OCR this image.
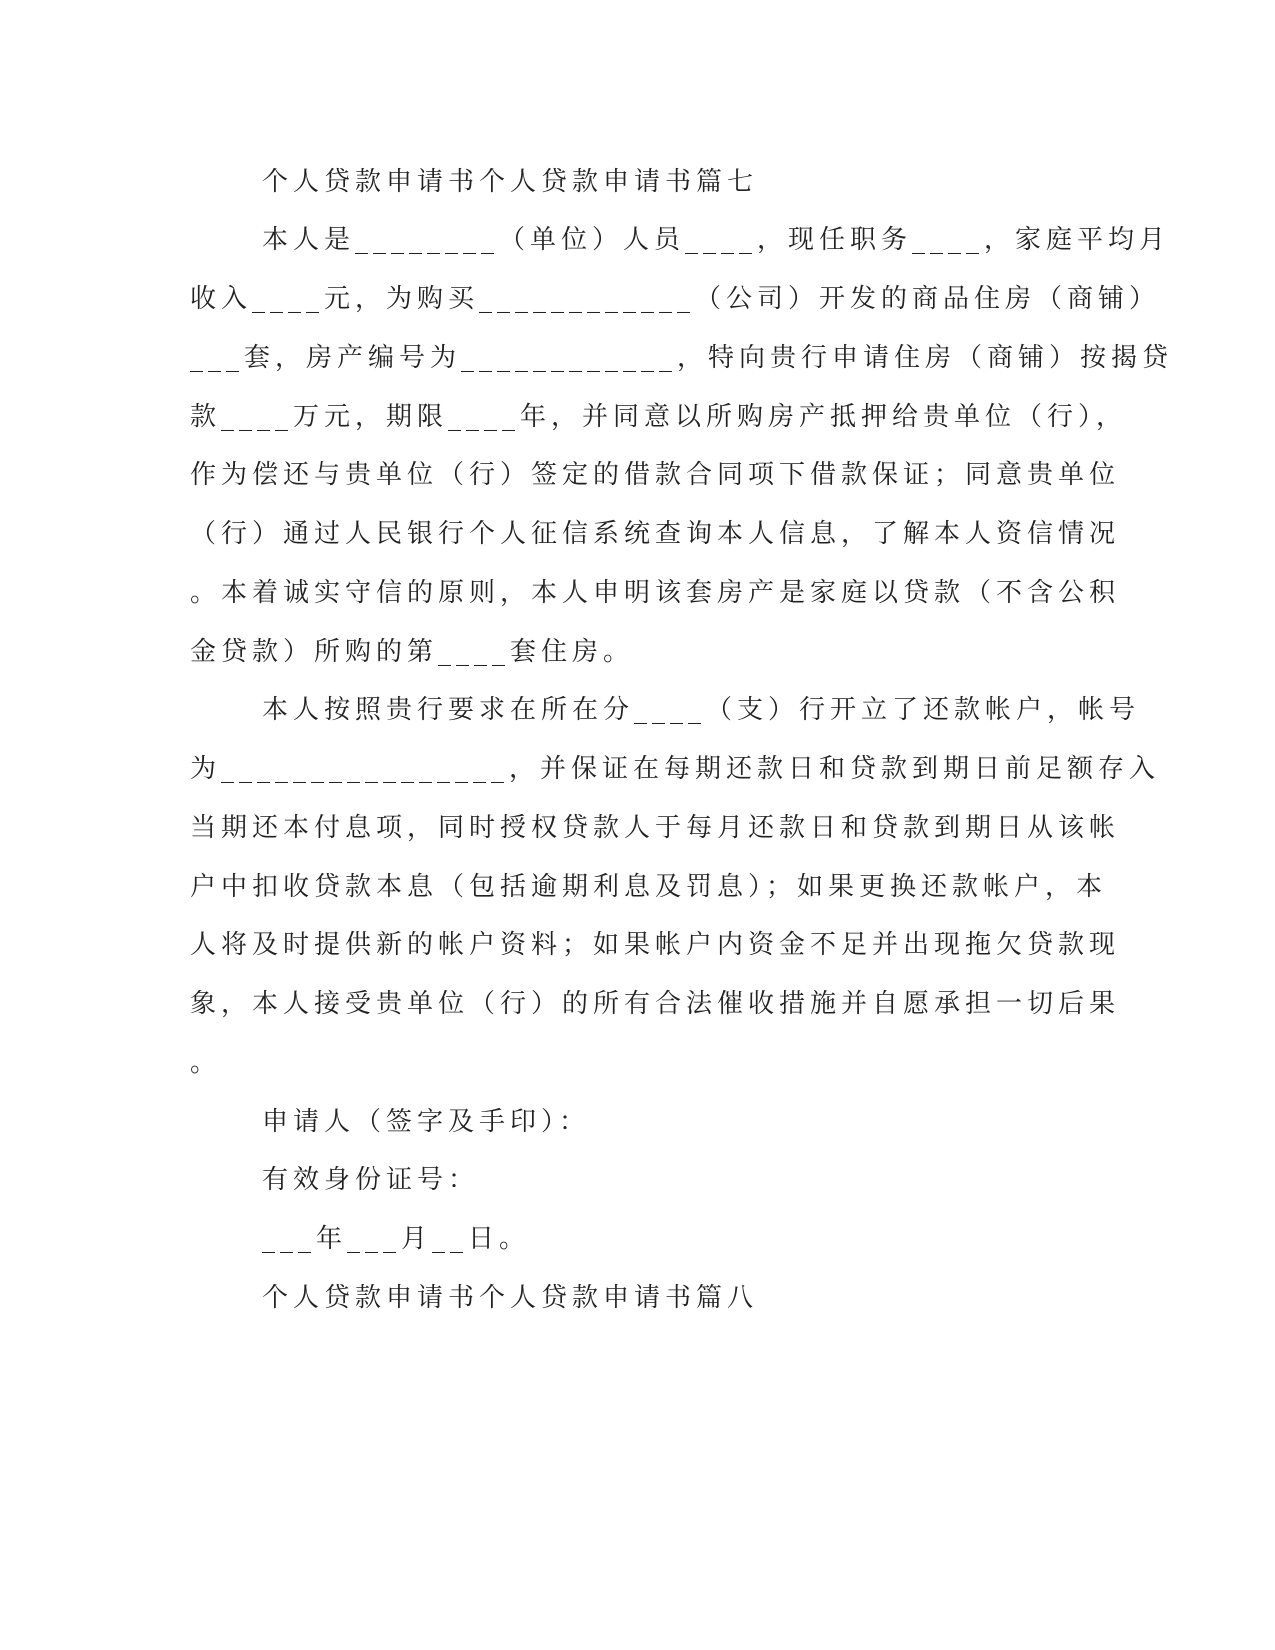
个人贷款申请书个人贷款申请书篇七
本人是________（单位）人员____，现任职务____，家庭平均月
收入____元，为购买____________（公司）开发的商品住房（商铺）
___套，房产编号为____________，特向贵行申请住房（商铺）按揭贷
款____万元，期限____年，并同意以所购房产抵押给贵单位（行），
作为偿还与贵单位（行）签定的借款合同项下借款保证；同意贵单位
（行）通过人民银行个人征信系统查询本人信息，了解本人资信情况
。本着诚实守信的原则，本人申明该套房产是家庭以贷款（不含公积
金贷款）所购的第____套住房。
本人按照贵行要求在所在分____（支）行开立了还款帐户，帐号
为________________，并保证在每期还款日和贷款到期日前足额存入
当期还本付息项，同时授权贷款人于每月还款日和贷款到期日从该帐
户中扣收贷款本息（包括逾期利息及罚息）；如果更换还款帐户，本
人将及时提供新的帐户资料；如果帐户内资金不足并出现拖欠贷款现
象，本人接受贵单位（行）的所有合法催收措施并自愿承担一切后果
。
申请人（签字及手印）：
有效身份证号：
___年___月__日。
个人贷款申请书个人贷款申请书篇八
